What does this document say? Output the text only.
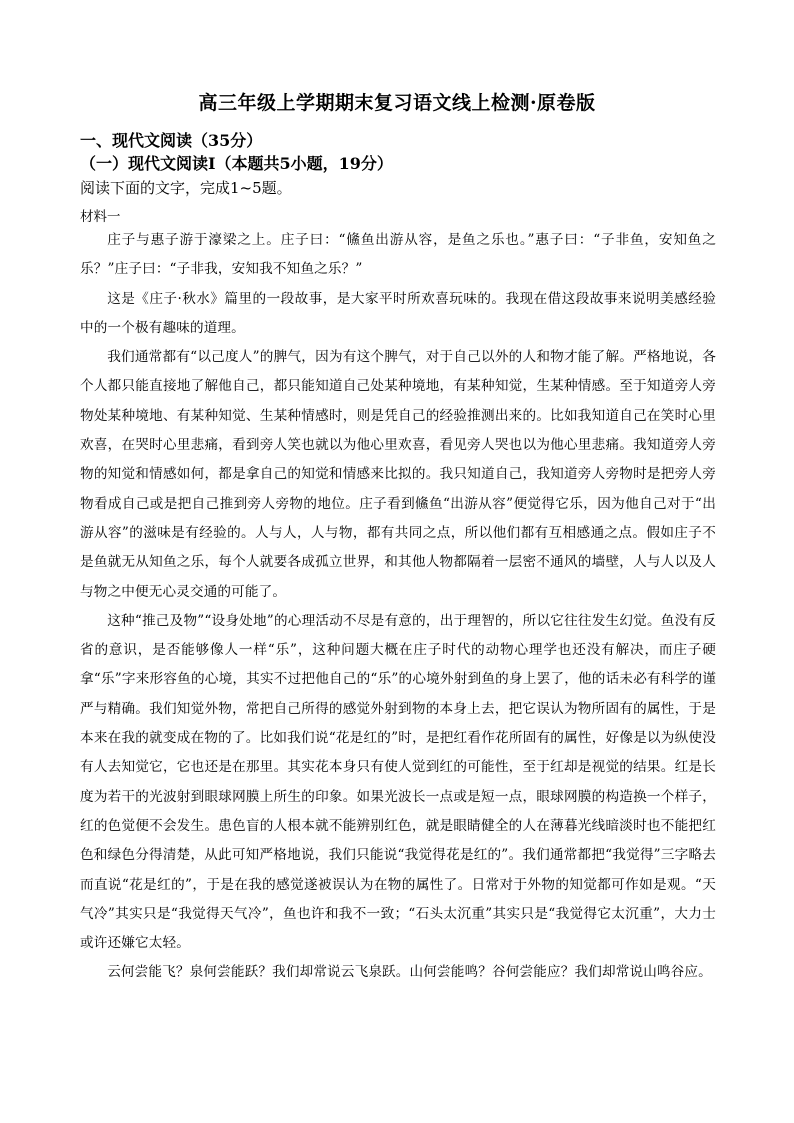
高三年级上学期期末复习语文线上检测·原卷版
一、现代文阅读（35分）
（一）现代文阅读Ⅰ（本题共5小题，19分）
阅读下面的文字，完成1~5题。
材料一

庄子与惠子游于濠梁之上。庄子曰：“鯈鱼出游从容，是鱼之乐也。”惠子曰：“子非鱼，安知鱼之乐？”庄子曰：“子非我，安知我不知鱼之乐？”

这是《庄子·秋水》篇里的一段故事，是大家平时所欢喜玩味的。我现在借这段故事来说明美感经验中的一个极有趣味的道理。

我们通常都有“以己度人”的脾气，因为有这个脾气，对于自己以外的人和物才能了解。严格地说，各个人都只能直接地了解他自己，都只能知道自己处某种境地，有某种知觉，生某种情感。至于知道旁人旁物处某种境地、有某种知觉、生某种情感时，则是凭自己的经验推测出来的。比如我知道自己在笑时心里欢喜，在哭时心里悲痛，看到旁人笑也就以为他心里欢喜，看见旁人哭也以为他心里悲痛。我知道旁人旁物的知觉和情感如何，都是拿自己的知觉和情感来比拟的。我只知道自己，我知道旁人旁物时是把旁人旁物看成自己或是把自己推到旁人旁物的地位。庄子看到鯈鱼“出游从容”便觉得它乐，因为他自己对于“出游从容”的滋味是有经验的。人与人，人与物，都有共同之点，所以他们都有互相感通之点。假如庄子不是鱼就无从知鱼之乐，每个人就要各成孤立世界，和其他人物都隔着一层密不通风的墙壁，人与人以及人与物之中便无心灵交通的可能了。

这种“推己及物”“设身处地”的心理活动不尽是有意的，出于理智的，所以它往往发生幻觉。鱼没有反省的意识，是否能够像人一样“乐”，这种问题大概在庄子时代的动物心理学也还没有解决，而庄子硬拿“乐”字来形容鱼的心境，其实不过把他自己的“乐”的心境外射到鱼的身上罢了，他的话未必有科学的谨严与精确。我们知觉外物，常把自己所得的感觉外射到物的本身上去，把它误认为物所固有的属性，于是本来在我的就变成在物的了。比如我们说“花是红的”时，是把红看作花所固有的属性，好像是以为纵使没有人去知觉它，它也还是在那里。其实花本身只有使人觉到红的可能性，至于红却是视觉的结果。红是长度为若干的光波射到眼球网膜上所生的印象。如果光波长一点或是短一点，眼球网膜的构造换一个样子，红的色觉便不会发生。患色盲的人根本就不能辨别红色，就是眼睛健全的人在薄暮光线暗淡时也不能把红色和绿色分得清楚，从此可知严格地说，我们只能说“我觉得花是红的”。我们通常都把“我觉得”三字略去而直说“花是红的”，于是在我的感觉遂被误认为在物的属性了。日常对于外物的知觉都可作如是观。“天气冷”其实只是“我觉得天气冷”，鱼也许和我不一致；“石头太沉重”其实只是“我觉得它太沉重”，大力士或许还嫌它太轻。

云何尝能飞？泉何尝能跃？我们却常说云飞泉跃。山何尝能鸣？谷何尝能应？我们却常说山鸣谷应。
